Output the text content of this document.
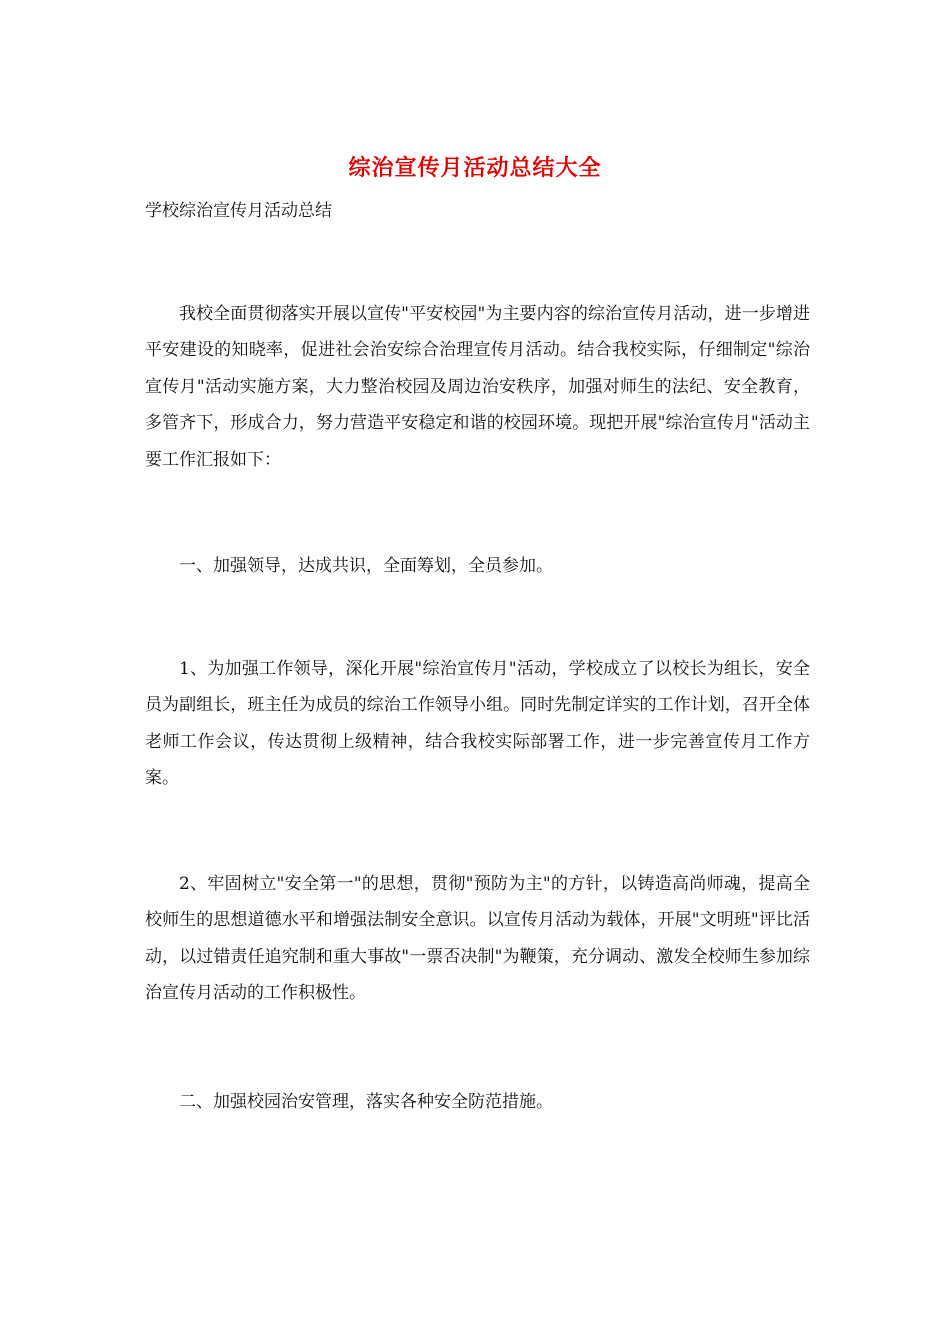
综治宣传月活动总结大全
学校综治宣传月活动总结

我校全面贯彻落实开展以宣传"平安校园"为主要内容的综治宣传月活动，进一步增进平安建设的知晓率，促进社会治安综合治理宣传月活动。结合我校实际，仔细制定"综治宣传月"活动实施方案，大力整治校园及周边治安秩序，加强对师生的法纪、安全教育，多管齐下，形成合力，努力营造平安稳定和谐的校园环境。现把开展"综治宣传月"活动主要工作汇报如下：

一、加强领导，达成共识，全面筹划，全员参加。

1、为加强工作领导，深化开展"综治宣传月"活动，学校成立了以校长为组长，安全员为副组长，班主任为成员的综治工作领导小组。同时先制定详实的工作计划，召开全体老师工作会议，传达贯彻上级精神，结合我校实际部署工作，进一步完善宣传月工作方案。

2、牢固树立"安全第一"的思想，贯彻"预防为主"的方针，以铸造高尚师魂，提高全校师生的思想道德水平和增强法制安全意识。以宣传月活动为载体，开展"文明班"评比活动，以过错责任追究制和重大事故"一票否决制"为鞭策，充分调动、激发全校师生参加综治宣传月活动的工作积极性。

二、加强校园治安管理，落实各种安全防范措施。
